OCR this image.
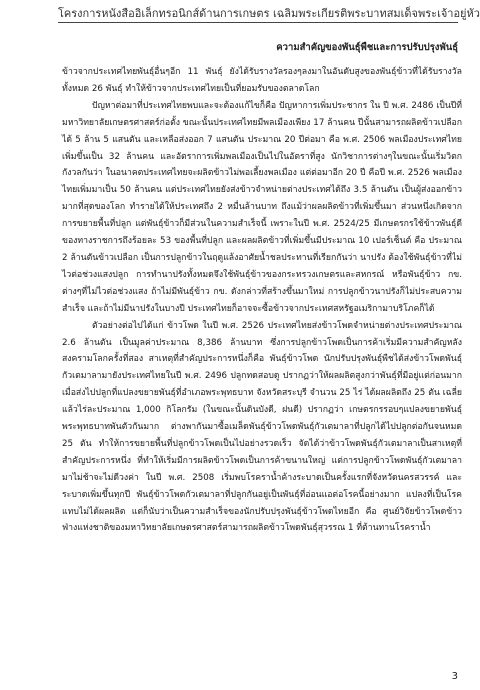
โครงการหนังสืออิเล็กทรอนิกส์ด้านการเกษตร เฉลิมพระเกียรติพระบาทสมเด็จพระเจ้าอยู่หัว
ความสำคัญของพันธุ์พืชและการปรับปรุงพันธุ์

ข้าวจากประเทศไทยพันธุ์อื่นๆอีก 11 พันธุ์ ยังได้รับรางวัลรองๆลงมาในอันดับสูงของพันธุ์ข้าวที่ได้รับรางวัลทั้งหมด 26 พันธุ์ ทำให้ข้าวจากประเทศไทยเป็นที่ยอมรับของตลาดโลก

ปัญหาต่อมาที่ประเทศไทยพบและจะต้องแก้ไขก็คือ ปัญหาการเพิ่มประชากร ใน ปี พ.ศ. 2486 เป็นปีที่มหาวิทยาลัยเกษตรศาสตร์ก่อตั้ง ขณะนั้นประเทศไทยมีพลเมืองเพียง 17 ล้านคน ปีนั้นสามารถผลิตข้าวเปลือกได้ 5 ล้าน 5 แสนตัน และเหลือส่งออก 7 แสนตัน ประมาณ 20 ปีต่อมา คือ พ.ศ. 2506 พลเมืองประเทศไทยเพิ่มขึ้นเป็น 32 ล้านคน และอัตราการเพิ่มพลเมืองเป็นไปในอัตราที่สูง นักวิชาการต่างๆในขณะนั้นเริ่มวิตกกังวลกันว่า ในอนาคตประเทศไทยจะผลิตข้าวไม่พอเลี้ยงพลเมือง แต่ต่อมาอีก 20 ปี คือปี พ.ศ. 2526 พลเมืองไทยเพิ่มมาเป็น 50 ล้านคน แต่ประเทศไทยยังส่งข้าวจำหน่ายต่างประเทศได้ถึง 3.5 ล้านตัน เป็นผู้ส่งออกข้าวมากที่สุดของโลก ทำรายได้ให้ประเทศถึง 2 หมื่นล้านบาท ถึงแม้ว่าผลผลิตข้าวที่เพิ่มขึ้นมา ส่วนหนึ่งเกิดจากการขยายพื้นที่ปลูก แต่พันธุ์ข้าวก็มีส่วนในความสำเร็จนี้ เพราะในปี พ.ศ. 2524/25 มีเกษตรกรใช้ข้าวพันธุ์ดีของทางราชการถึงร้อยละ 53 ของพื้นที่ปลูก และผลผลิตข้าวที่เพิ่มขึ้นมีประมาณ 10 เปอร์เซ็นต์ คือ ประมาณ 2 ล้านตันข้าวเปลือก เป็นการปลูกข้าวในฤดูแล้งอาศัยน้ำชลประทานที่เรียกกันว่า นาปรัง ต้องใช้พันธุ์ข้าวที่ไม่ไวต่อช่วงแสงปลูก การทำนาปรังทั้งหมดจึงใช้พันธุ์ข้าวของกระทรวงเกษตรและสหกรณ์ หรือพันธุ์ข้าว กข. ต่างๆที่ไม่ไวต่อช่วงแสง ถ้าไม่มีพันธุ์ข้าว กข. ดังกล่าวที่สร้างขึ้นมาใหม่ การปลูกข้าวนาปรังก็ไม่ประสบความสำเร็จ และถ้าไม่มีนาปรังในบางปี ประเทศไทยก็อาจจะซื้อข้าวจากประเทศสหรัฐอเมริกามาบริโภคก็ได้

ตัวอย่างต่อไปได้แก่ ข้าวโพด ในปี พ.ศ. 2526 ประเทศไทยส่งข้าวโพดจำหน่ายต่างประเทศประมาณ 2.6 ล้านตัน เป็นมูลค่าประมาณ 8,386 ล้านบาท ซึ่งการปลูกข้าวโพดเป็นการค้าเริ่มมีความสำคัญหลังสงครามโลกครั้งที่สอง สาเหตุที่สำคัญประการหนึ่งก็คือ พันธุ์ข้าวโพด นักปรับปรุงพันธุ์พืชได้ส่งข้าวโพดพันธุ์กัวเตมาลามายังประเทศไทยในปี พ.ศ. 2496 ปลูกทดสอบดู ปรากฏว่าให้ผลผลิตสูงกว่าพันธุ์ที่มีอยู่แต่ก่อนมาก เมื่อส่งไปปลูกที่แปลงขยายพันธุ์ที่อำเภอพระพุทธบาท จังหวัดสระบุรี จำนวน 25 ไร่ ได้ผลผลิตถึง 25 ตัน เฉลี่ยแล้วไร่ละประมาณ 1,000 กิโลกรัม (ในขณะนั้นดินบังดี, ฝนดี) ปรากฏว่า เกษตรกรรอบๆแปลงขยายพันธุ์พระพุทธบาทพันตัวกันมาก ต่างพากันมาซื้อเมล็ดพันธุ์ข้าวโพดพันธุ์กัวเตมาลาที่ปลูกได้ไปปลูกต่อกันจนหมด 25 ตัน ทำให้การขยายพื้นที่ปลูกข้าวโพดเป็นไปอย่างรวดเร็ว จัดได้ว่าข้าวโพดพันธุ์กัวเตมาลาเป็นสาเหตุที่สำคัญประการหนึ่ง ที่ทำให้เริ่มมีการผลิตข้าวโพดเป็นการค้าขนานใหญ่ แต่การปลูกข้าวโพดพันธุ์กัวเตมาลามาไม่ช้าจะไม่ดีวงค่า ในปี พ.ศ. 2508 เริ่มพบโรคราน้ำค้างระบาดเป็นครั้งแรกที่จังหวัดนครสวรรค์ และระบาดเพิ่มขึ้นทุกปี พันธุ์ข้าวโพดกัวเตมาลาที่ปลูกกันอยู่เป็นพันธุ์ที่อ่อนแอต่อโรคนี้อย่างมาก แปลงที่เป็นโรคแทบไม่ได้ผลผลิต แต่ก็นับว่าเป็นความสำเร็จของนักปรับปรุงพันธุ์ข้าวโพดไทยอีก คือ ศูนย์วิจัยข้าวโพดข้าวฟ่างแห่งชาติของมหาวิทยาลัยเกษตรศาสตร์สามารถผลิตข้าวโพดพันธุ์สุวรรณ 1 ที่ต้านทานโรคราน้ำ

3
